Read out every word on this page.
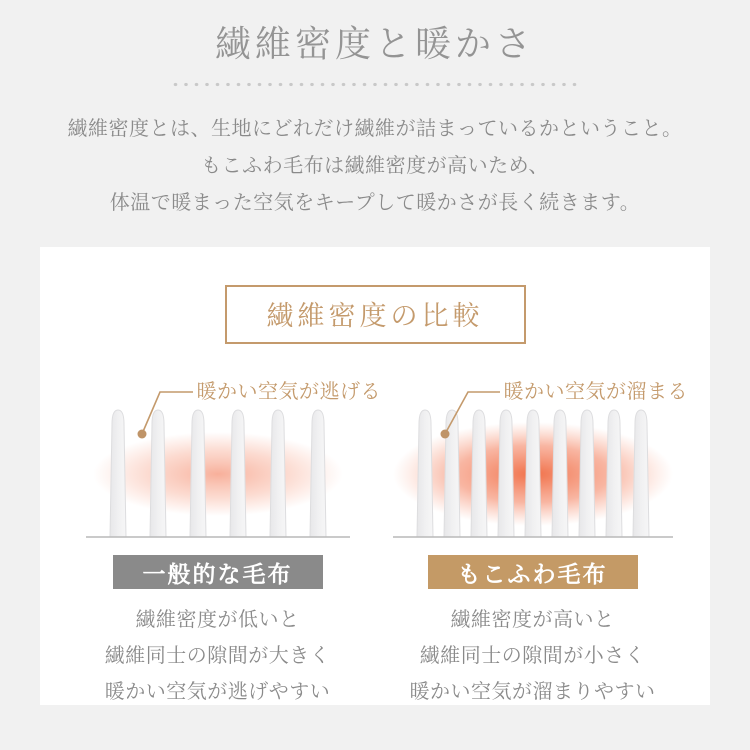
繊維密度と暖かさ

繊維密度とは、生地にどれだけ繊維が詰まっているかということ。
もこふわ毛布は繊維密度が高いため、
体温で暖まった空気をキープして暖かさが長く続きます。

繊維密度の比較
暖かい空気が逃げる
一般的な毛布

繊維密度が低いと
繊維同士の隙間が大きく
暖かい空気が逃げやすい

暖かい空気が溜まる
もこふわ毛布

繊維密度が高いと
繊維同士の隙間が小さく
暖かい空気が溜まりやすい
